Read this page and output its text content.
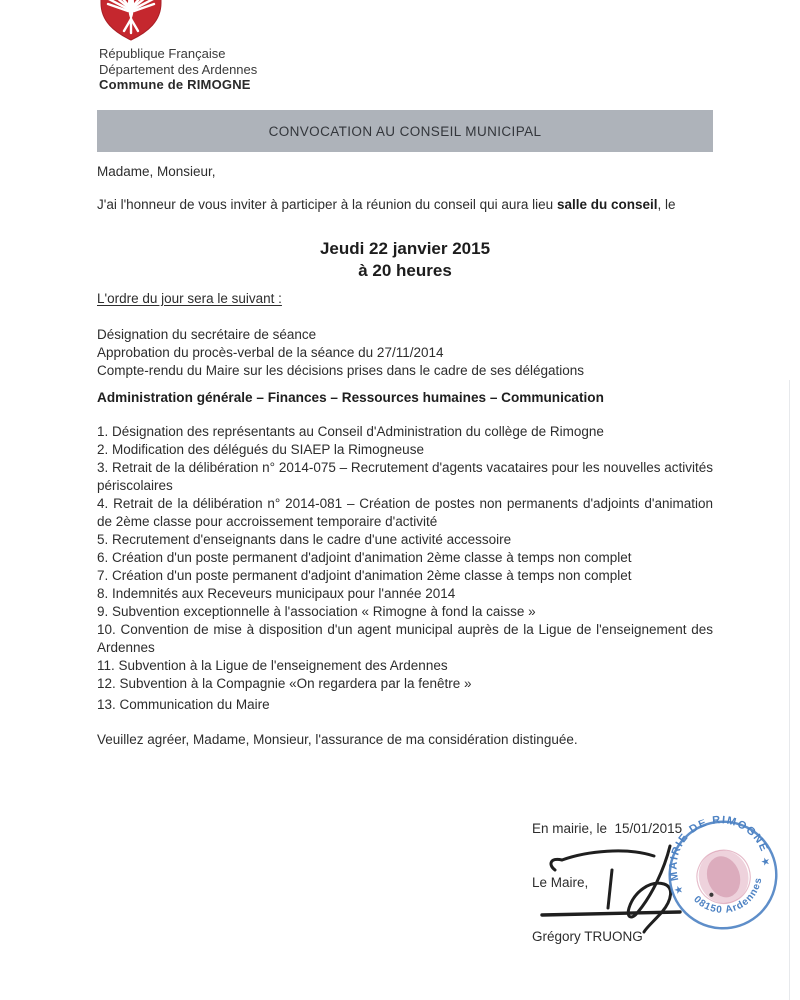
République Française
Département des Ardennes
Commune de RIMOGNE
CONVOCATION AU CONSEIL MUNICIPAL
Madame, Monsieur,
J'ai l'honneur de vous inviter à participer à la réunion du conseil qui aura lieu salle du conseil, le
Jeudi 22 janvier 2015
à 20 heures
L'ordre du jour sera le suivant :
Désignation du secrétaire de séance
Approbation du procès-verbal de la séance du 27/11/2014
Compte-rendu du Maire sur les décisions prises dans le cadre de ses délégations
Administration générale – Finances – Ressources humaines – Communication
1. Désignation des représentants au Conseil d'Administration du collège de Rimogne
2. Modification des délégués du SIAEP la Rimogneuse
3. Retrait de la délibération n° 2014-075 – Recrutement d'agents vacataires pour les nouvelles activités périscolaires
4. Retrait de la délibération n° 2014-081 – Création de postes non permanents d'adjoints d'animation de 2ème classe pour accroissement temporaire d'activité
5. Recrutement d'enseignants dans le cadre d'une activité accessoire
6. Création d'un poste permanent d'adjoint d'animation 2ème classe à temps non complet
7. Création d'un poste permanent d'adjoint d'animation 2ème classe à temps non complet
8. Indemnités aux Receveurs municipaux pour l'année 2014
9. Subvention exceptionnelle à l'association « Rimogne à fond la caisse »
10. Convention de mise à disposition d'un agent municipal auprès de la Ligue de l'enseignement des Ardennes
11. Subvention à la Ligue de l'enseignement des Ardennes
12. Subvention à la Compagnie «On regardera par la fenêtre »
13. Communication du Maire
Veuillez agréer, Madame, Monsieur, l'assurance de ma considération distinguée.

En mairie, le  15/01/2015

Le Maire,

Grégory TRUONG

MAIRIE DE RIMOGNE
08150 Ardennes
★
★
